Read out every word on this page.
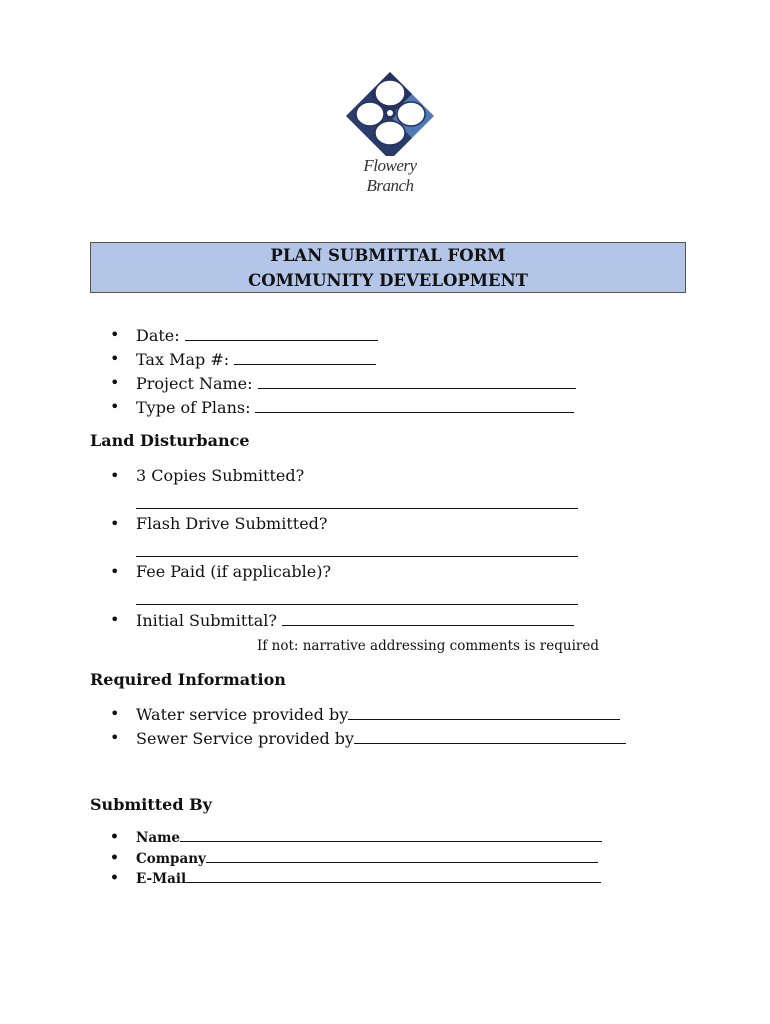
Flowery Branch
PLAN SUBMITTAL FORM
COMMUNITY DEVELOPMENT
• Date:
• Tax Map #:
• Project Name:
• Type of Plans:
Land Disturbance
• 3 Copies Submitted?
• Flash Drive Submitted?
• Fee Paid (if applicable)?
• Initial Submittal?
If not: narrative addressing comments is required
Required Information
• Water service provided by
• Sewer Service provided by
Submitted By
• Name
• Company
• E-Mail
